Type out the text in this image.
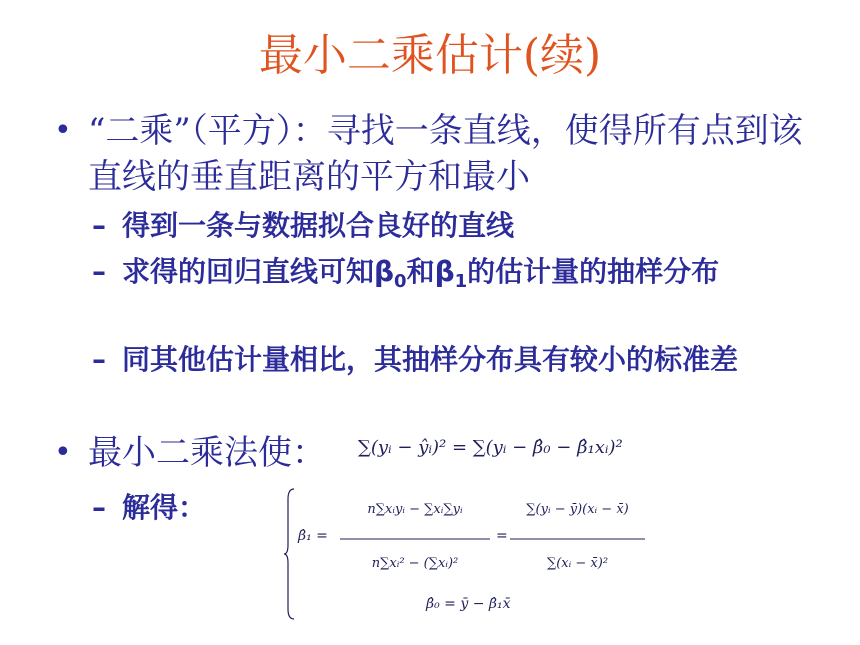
最小二乘估计(续)
• “二乘”（平方）：寻找一条直线，使得所有点到该直线的垂直距离的平方和最小
– 得到一条与数据拟合良好的直线
– 求得的回归直线可知$\beta_0$和$\beta_1$的估计量的抽样分布
– 同其他估计量相比，其抽样分布具有较小的标准差
• 最小二乘法使：	∑(yᵢ − ŷᵢ)² = ∑(yᵢ − β̂₀ − β̂₁xᵢ)²
– 解得：
β̂₁ =
n∑xᵢyᵢ − ∑xᵢ∑yᵢ
n∑xᵢ² − (∑xᵢ)²
=
∑(yᵢ − ȳ)(xᵢ − x̄)
∑(xᵢ − x̄)²
β̂₀ = ȳ − β̂₁x̄
